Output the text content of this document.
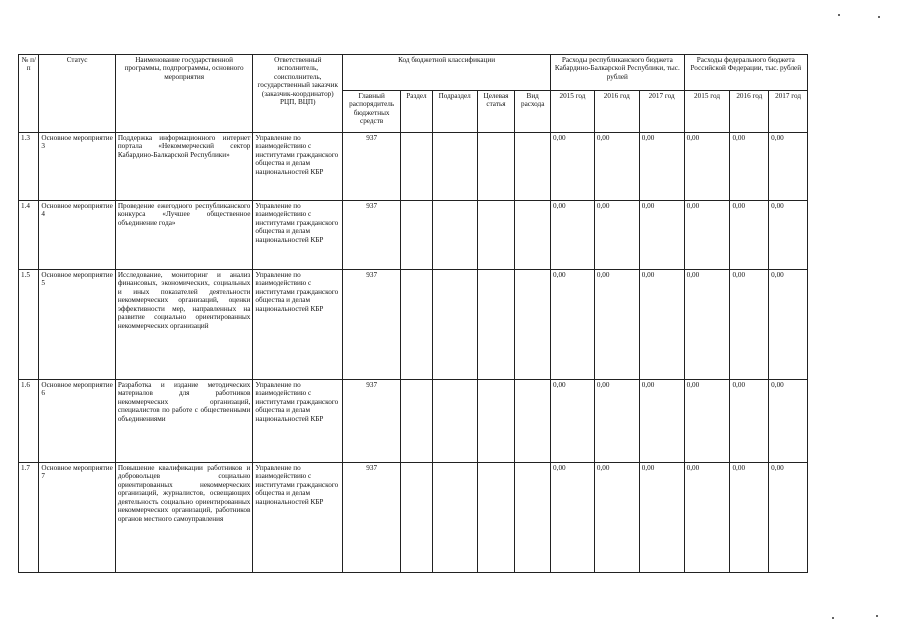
№ п/п	Статус	Наименование государственной программы, подпрограммы, основного мероприятия	Ответственный исполнитель, соисполнитель, государственный заказчик (заказчик-координатор) РЦП, ВЦП)	Код бюджетной классификации					Расходы республиканского бюджета Кабардино-Балкарской Республики, тыс. рублей			Расходы федерального бюджета Российской Федерации, тыс. рублей		
				Главный распорядитель бюджетных средств	Раздел	Подраздел	Целевая статья	Вид расхода	2015 год	2016 год	2017 год	2015 год	2016 год	2017 год
1.3	Основное мероприятие 3	Поддержка информационного интернет портала «Некоммерческий сектор Кабардино-Балкарской Республики»	Управление по взаимодействию с институтами гражданского общества и делам национальностей КБР	937					0,00	0,00	0,00	0,00	0,00	0,00
1.4	Основное мероприятие 4	Проведение ежегодного республиканского конкурса «Лучшее общественное объединение года»	Управление по взаимодействию с институтами гражданского общества и делам национальностей КБР	937					0,00	0,00	0,00	0,00	0,00	0,00
1.5	Основное мероприятие 5	Исследование, мониторинг и анализ финансовых, экономических, социальных и иных показателей деятельности некоммерческих организаций, оценки эффективности мер, направленных на развитие социально ориентированных некоммерческих организаций	Управление по взаимодействию с институтами гражданского общества и делам национальностей КБР	937					0,00	0,00	0,00	0,00	0,00	0,00
1.6	Основное мероприятие 6	Разработка и издание методических материалов для работников некоммерческих организаций, специалистов по работе с общественными объединениями	Управление по взаимодействию с институтами гражданского общества и делам национальностей КБР	937					0,00	0,00	0,00	0,00	0,00	0,00
1.7	Основное мероприятие 7	Повышение квалификации работников и добровольцев социально ориентированных некоммерческих организаций, журналистов, освещающих деятельность социально ориентированных некоммерческих организаций, работников органов местного самоуправления	Управление по взаимодействию с институтами гражданского общества и делам национальностей КБР	937					0,00	0,00	0,00	0,00	0,00	0,00
